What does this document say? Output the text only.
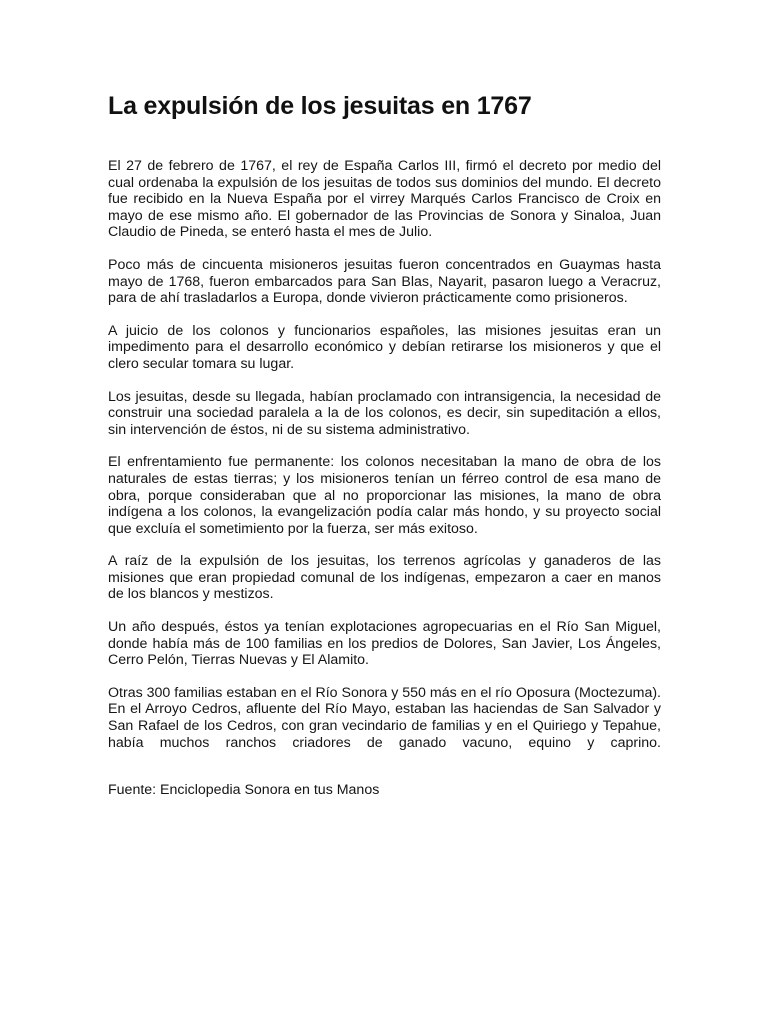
La expulsión de los jesuitas en 1767

El 27 de febrero de 1767, el rey de España Carlos III, firmó el decreto por medio del cual ordenaba la expulsión de los jesuitas de todos sus dominios del mundo. El decreto fue recibido en la Nueva España por el virrey Marqués Carlos Francisco de Croix en mayo de ese mismo año. El gobernador de las Provincias de Sonora y Sinaloa, Juan Claudio de Pineda, se enteró hasta el mes de Julio.

Poco más de cincuenta misioneros jesuitas fueron concentrados en Guaymas hasta mayo de 1768, fueron embarcados para San Blas, Nayarit, pasaron luego a Veracruz, para de ahí trasladarlos a Europa, donde vivieron prácticamente como prisioneros.

A juicio de los colonos y funcionarios españoles, las misiones jesuitas eran un impedimento para el desarrollo económico y debían retirarse los misioneros y que el clero secular tomara su lugar.

Los jesuitas, desde su llegada, habían proclamado con intransigencia, la necesidad de construir una sociedad paralela a la de los colonos, es decir, sin supeditación a ellos, sin intervención de éstos, ni de su sistema administrativo.

El enfrentamiento fue permanente: los colonos necesitaban la mano de obra de los naturales de estas tierras; y los misioneros tenían un férreo control de esa mano de obra, porque consideraban que al no proporcionar las misiones, la mano de obra indígena a los colonos, la evangelización podía calar más hondo, y su proyecto social que excluía el sometimiento por la fuerza, ser más exitoso.

A raíz de la expulsión de los jesuitas, los terrenos agrícolas y ganaderos de las misiones que eran propiedad comunal de los indígenas, empezaron a caer en manos de los blancos y mestizos.

Un año después, éstos ya tenían explotaciones agropecuarias en el Río San Miguel, donde había más de 100 familias en los predios de Dolores, San Javier, Los Ángeles, Cerro Pelón, Tierras Nuevas y El Alamito.

Otras 300 familias estaban en el Río Sonora y 550 más en el río Oposura (Moctezuma). En el Arroyo Cedros, afluente del Río Mayo, estaban las haciendas de San Salvador y San Rafael de los Cedros, con gran vecindario de familias y en el Quiriego y Tepahue, había muchos ranchos criadores de ganado vacuno, equino y caprino.

Fuente: Enciclopedia Sonora en tus Manos
